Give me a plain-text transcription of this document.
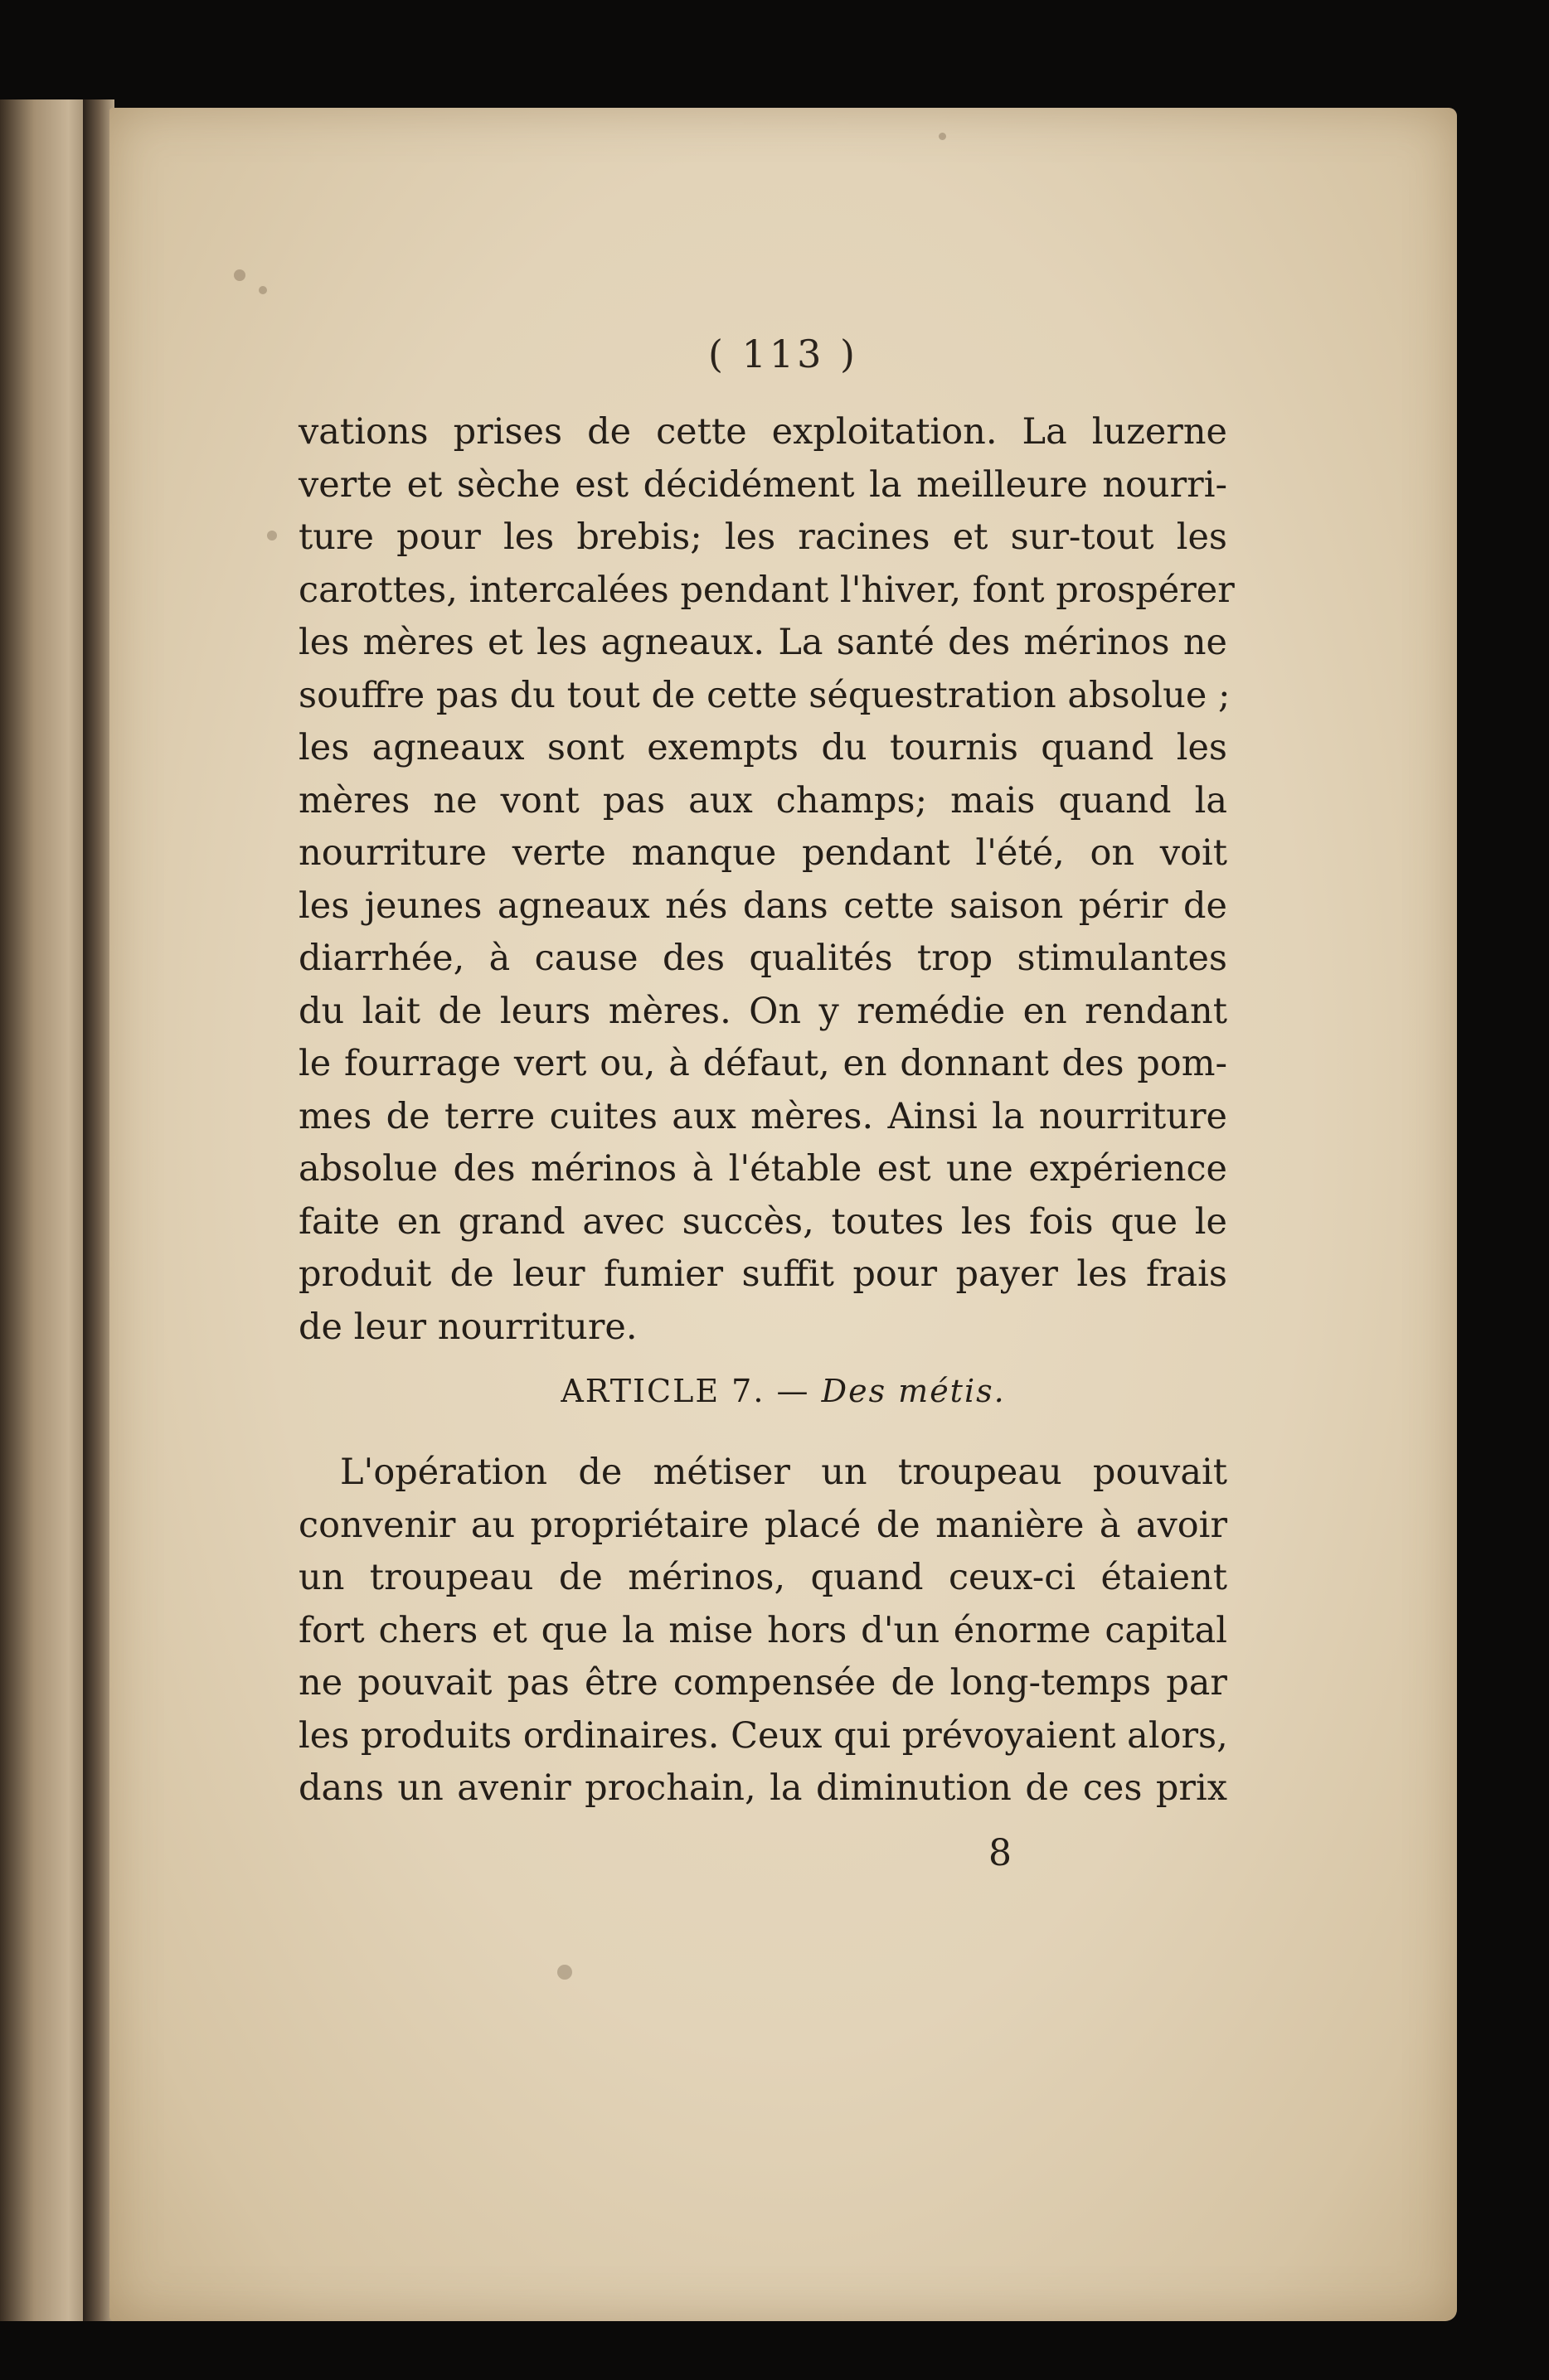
( 113 )
vations prises de cette exploitation. La luzerne
verte et sèche est décidément la meilleure nourri-
ture pour les brebis; les racines et sur-tout les
carottes, intercalées pendant l'hiver, font prospérer
les mères et les agneaux. La santé des mérinos ne
souffre pas du tout de cette séquestration absolue ;
les agneaux sont exempts du tournis quand les
mères ne vont pas aux champs; mais quand la
nourriture verte manque pendant l'été, on voit
les jeunes agneaux nés dans cette saison périr de
diarrhée, à cause des qualités trop stimulantes
du lait de leurs mères. On y remédie en rendant
le fourrage vert ou, à défaut, en donnant des pom-
mes de terre cuites aux mères. Ainsi la nourriture
absolue des mérinos à l'étable est une expérience
faite en grand avec succès, toutes les fois que le
produit de leur fumier suffit pour payer les frais
de leur nourriture.
ARTICLE 7. — Des métis.
L'opération de métiser un troupeau pouvait
convenir au propriétaire placé de manière à avoir
un troupeau de mérinos, quand ceux-ci étaient
fort chers et que la mise hors d'un énorme capital
ne pouvait pas être compensée de long-temps par
les produits ordinaires. Ceux qui prévoyaient alors,
dans un avenir prochain, la diminution de ces prix
8
